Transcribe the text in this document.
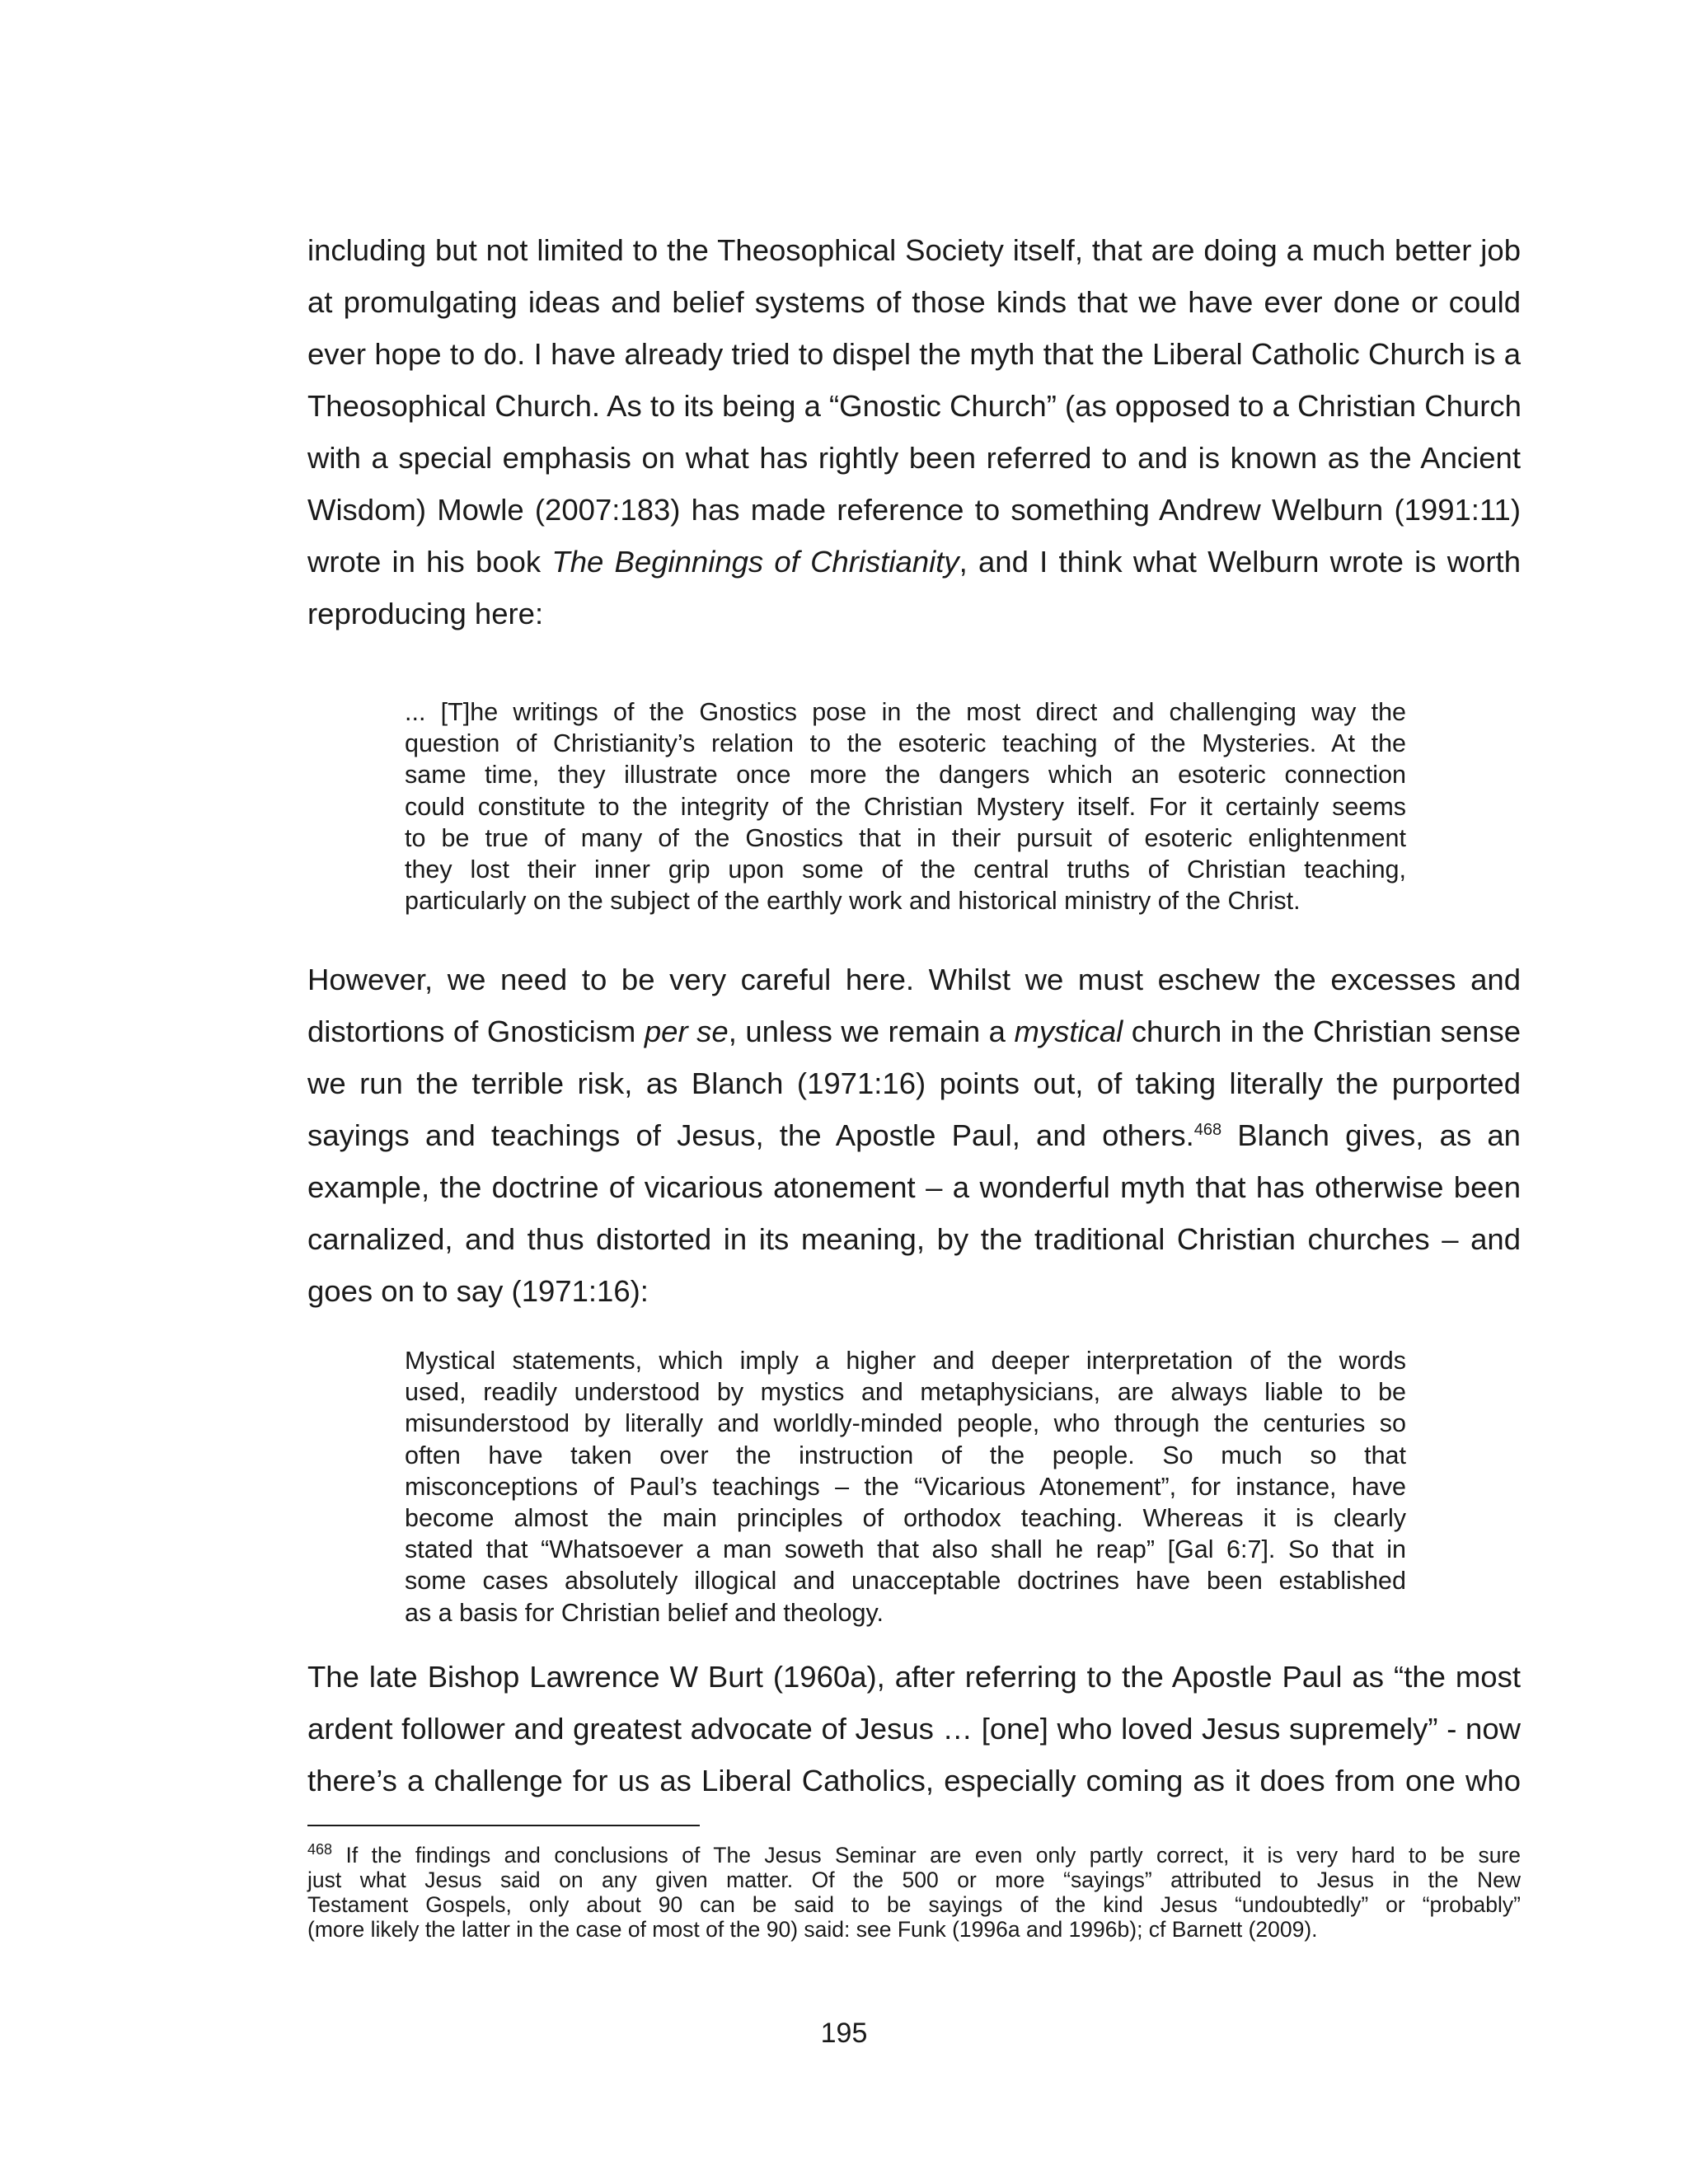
including but not limited to the Theosophical Society itself, that are doing a much better job
at promulgating ideas and belief systems of those kinds that we have ever done or could
ever hope to do. I have already tried to dispel the myth that the Liberal Catholic Church is a
Theosophical Church. As to its being a “Gnostic Church” (as opposed to a Christian Church
with a special emphasis on what has rightly been referred to and is known as the Ancient
Wisdom) Mowle (2007:183) has made reference to something Andrew Welburn (1991:11)
wrote in his book The Beginnings of Christianity, and I think what Welburn wrote is worth
reproducing here:
... [T]he writings of the Gnostics pose in the most direct and challenging way the
question of Christianity’s relation to the esoteric teaching of the Mysteries. At the
same time, they illustrate once more the dangers which an esoteric connection
could constitute to the integrity of the Christian Mystery itself. For it certainly seems
to be true of many of the Gnostics that in their pursuit of esoteric enlightenment
they lost their inner grip upon some of the central truths of Christian teaching,
particularly on the subject of the earthly work and historical ministry of the Christ.
However, we need to be very careful here. Whilst we must eschew the excesses and
distortions of Gnosticism per se, unless we remain a mystical church in the Christian sense
we run the terrible risk, as Blanch (1971:16) points out, of taking literally the purported
sayings and teachings of Jesus, the Apostle Paul, and others.$^{468}$ Blanch gives, as an
example, the doctrine of vicarious atonement – a wonderful myth that has otherwise been
carnalized, and thus distorted in its meaning, by the traditional Christian churches – and
goes on to say (1971:16):
Mystical statements, which imply a higher and deeper interpretation of the words
used, readily understood by mystics and metaphysicians, are always liable to be
misunderstood by literally and worldly-minded people, who through the centuries so
often have taken over the instruction of the people. So much so that
misconceptions of Paul’s teachings – the “Vicarious Atonement”, for instance, have
become almost the main principles of orthodox teaching. Whereas it is clearly
stated that “Whatsoever a man soweth that also shall he reap” [Gal 6:7]. So that in
some cases absolutely illogical and unacceptable doctrines have been established
as a basis for Christian belief and theology.
The late Bishop Lawrence W Burt (1960a), after referring to the Apostle Paul as “the most
ardent follower and greatest advocate of Jesus … [one] who loved Jesus supremely” - now
there’s a challenge for us as Liberal Catholics, especially coming as it does from one who
$^{468}$ If the findings and conclusions of The Jesus Seminar are even only partly correct, it is very hard to be sure
just what Jesus said on any given matter. Of the 500 or more “sayings” attributed to Jesus in the New
Testament Gospels, only about 90 can be said to be sayings of the kind Jesus “undoubtedly” or “probably”
(more likely the latter in the case of most of the 90) said: see Funk (1996a and 1996b); cf Barnett (2009).
195
